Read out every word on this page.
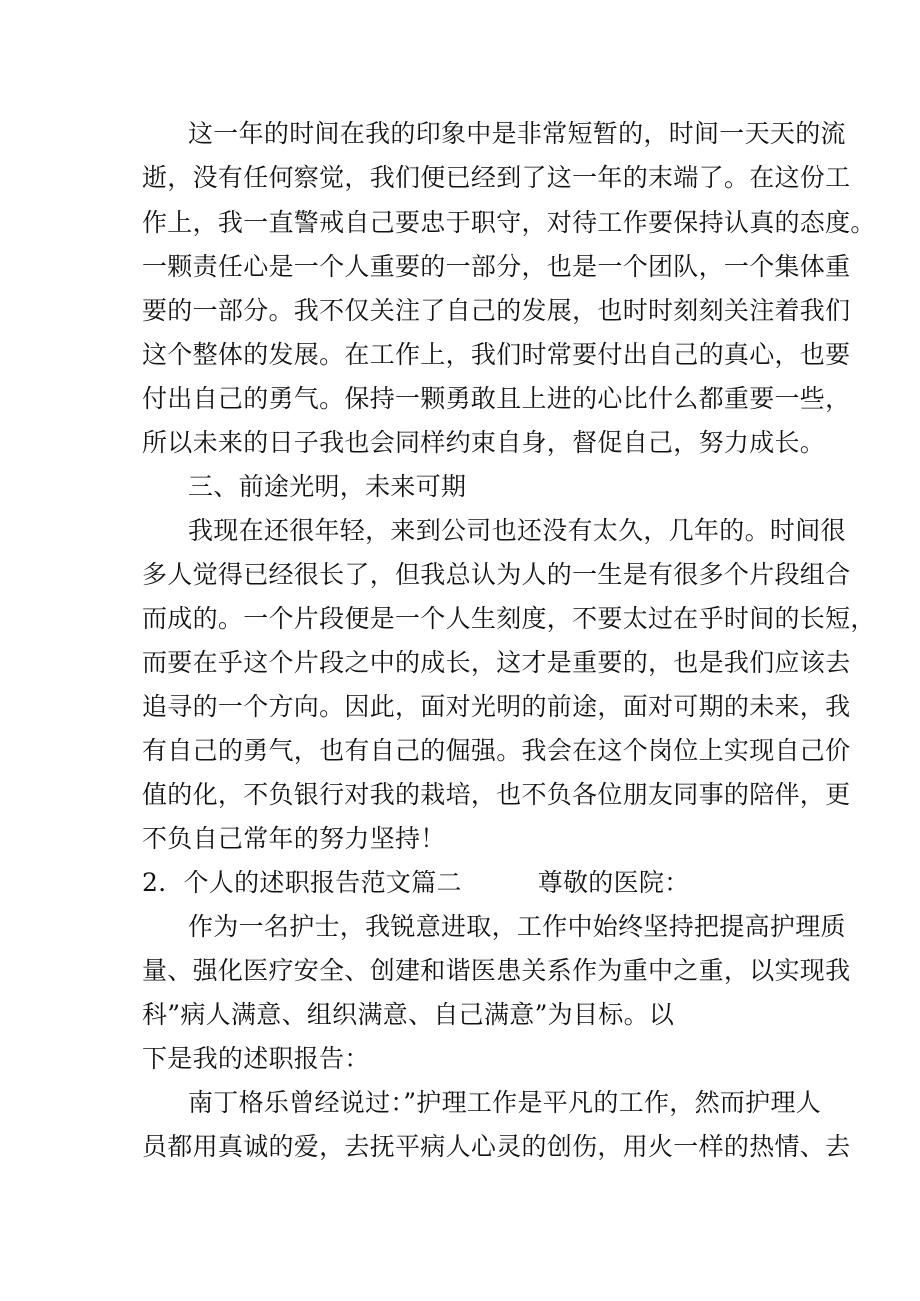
这一年的时间在我的印象中是非常短暂的，时间一天天的流
逝，没有任何察觉，我们便已经到了这一年的末端了。在这份工
作上，我一直警戒自己要忠于职守，对待工作要保持认真的态度。
一颗责任心是一个人重要的一部分，也是一个团队，一个集体重
要的一部分。我不仅关注了自己的发展，也时时刻刻关注着我们
这个整体的发展。在工作上，我们时常要付出自己的真心，也要
付出自己的勇气。保持一颗勇敢且上进的心比什么都重要一些，
所以未来的日子我也会同样约束自身，督促自己，努力成长。
三、前途光明，未来可期
我现在还很年轻，来到公司也还没有太久，几年的。时间很
多人觉得已经很长了，但我总认为人的一生是有很多个片段组合
而成的。一个片段便是一个人生刻度，不要太过在乎时间的长短，
而要在乎这个片段之中的成长，这才是重要的，也是我们应该去
追寻的一个方向。因此，面对光明的前途，面对可期的未来，我
有自己的勇气，也有自己的倔强。我会在这个岗位上实现自己价
值的化，不负银行对我的栽培，也不负各位朋友同事的陪伴，更
不负自己常年的努力坚持！
2．个人的述职报告范文篇二　　　尊敬的医院：
作为一名护士，我锐意进取，工作中始终坚持把提高护理质
量、强化医疗安全、创建和谐医患关系作为重中之重，以实现我
科”病人满意、组织满意、自己满意”为目标。以
下是我的述职报告：
南丁格乐曾经说过：”护理工作是平凡的工作，然而护理人
员都用真诚的爱，去抚平病人心灵的创伤，用火一样的热情、去
